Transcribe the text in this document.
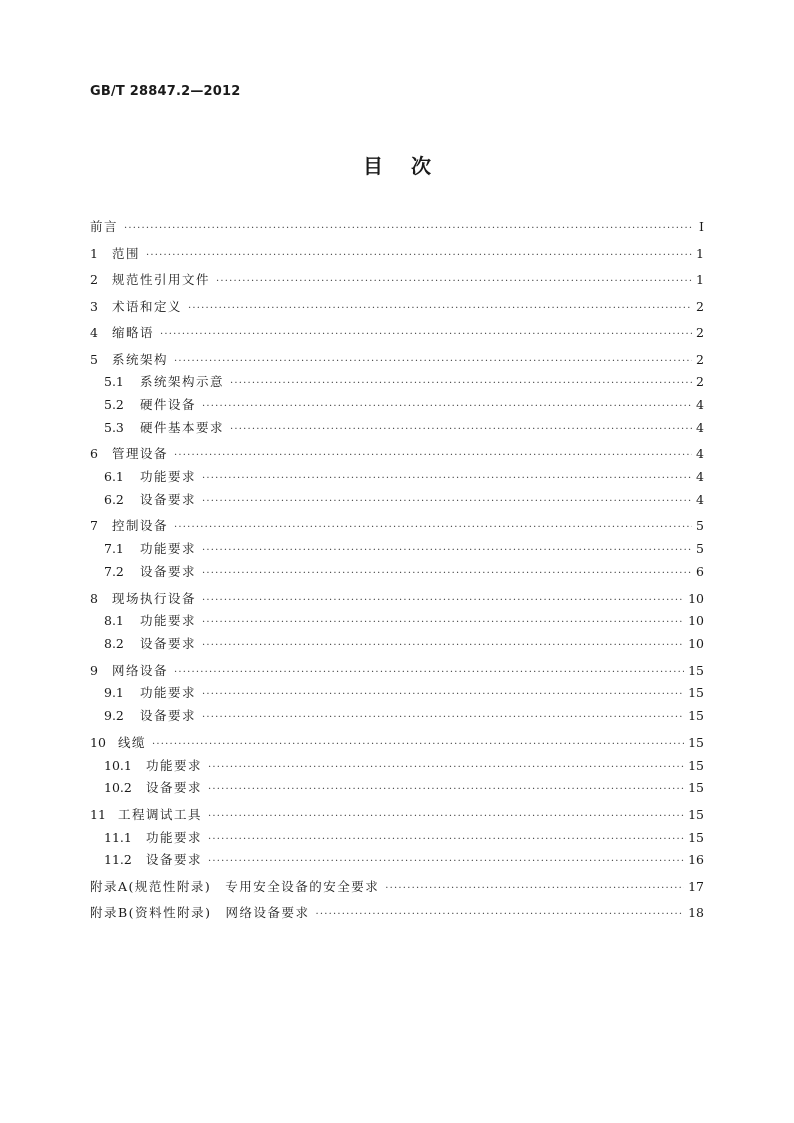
GB/T 28847.2—2012
目次
前言 ·····	Ⅰ
1	范围 ·····	1
2	规范性引用文件 ·····	1
3	术语和定义 ·····	2
4	缩略语 ·····	2
5	系统架构 ·····	2
5.1	系统架构示意 ·····	2
5.2	硬件设备 ·····	4
5.3	硬件基本要求 ·····	4
6	管理设备 ·····	4
6.1	功能要求 ·····	4
6.2	设备要求 ·····	4
7	控制设备 ·····	5
7.1	功能要求 ·····	5
7.2	设备要求 ·····	6
8	现场执行设备 ·····	10
8.1	功能要求 ·····	10
8.2	设备要求 ·····	10
9	网络设备 ·····	15
9.1	功能要求 ·····	15
9.2	设备要求 ·····	15
10 线缆 ·····	15
10.1	功能要求 ·····	15
10.2	设备要求 ·····	15
11 工程调试工具 ·····	15
11.1	功能要求 ·····	15
11.2	设备要求 ·····	16
附录A(规范性附录)　专用安全设备的安全要求 ·····	17
附录B(资料性附录)　网络设备要求 ·····	18
